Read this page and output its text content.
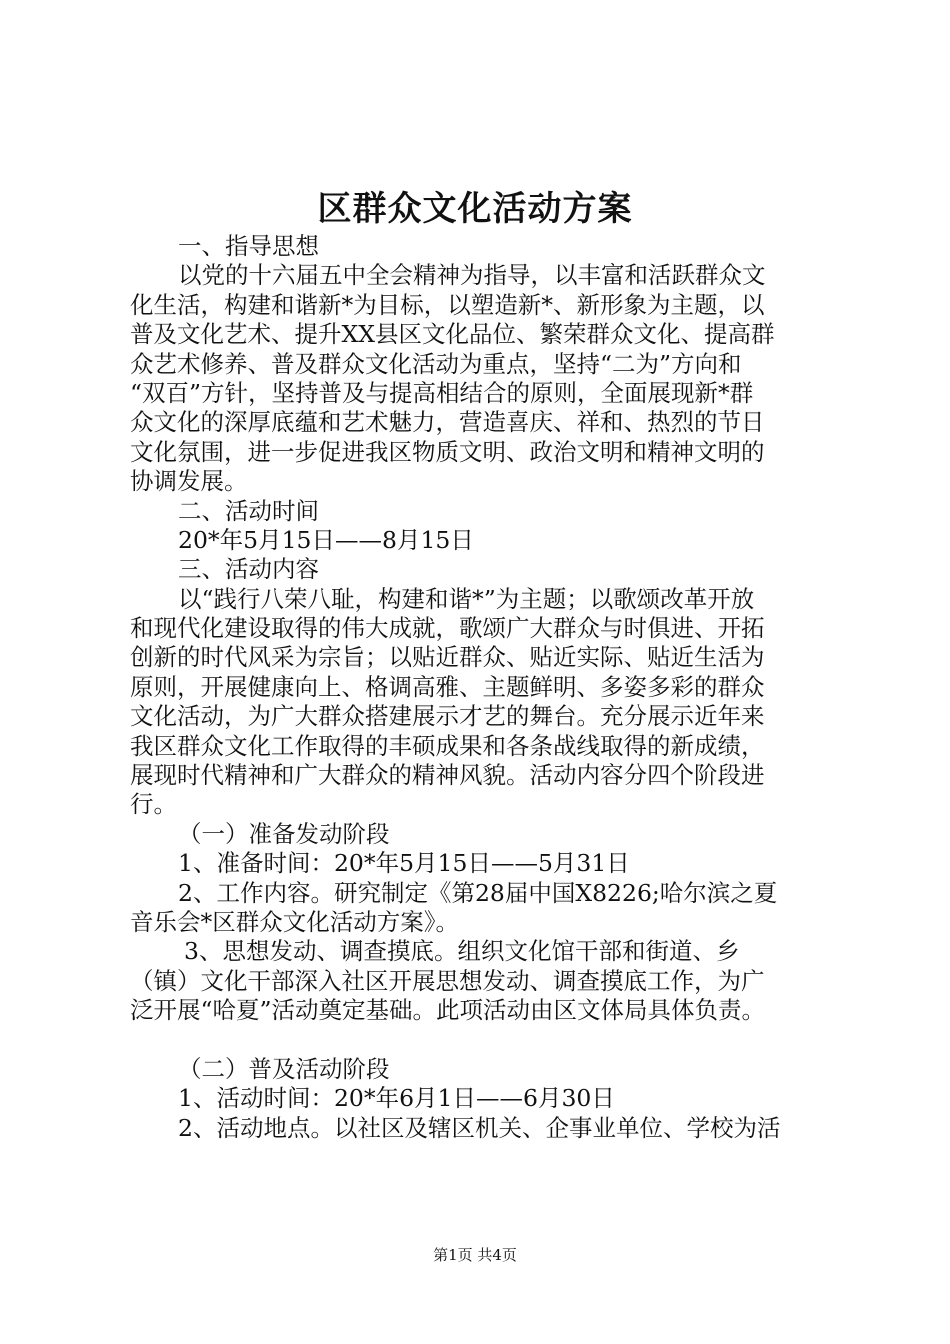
区群众文化活动方案
一、指导思想
以党的十六届五中全会精神为指导，以丰富和活跃群众文
化生活，构建和谐新*为目标，以塑造新*、新形象为主题，以
普及文化艺术、提升XX县区文化品位、繁荣群众文化、提高群
众艺术修养、普及群众文化活动为重点，坚持“二为”方向和
“双百”方针，坚持普及与提高相结合的原则，全面展现新*群
众文化的深厚底蕴和艺术魅力，营造喜庆、祥和、热烈的节日
文化氛围，进一步促进我区物质文明、政治文明和精神文明的
协调发展。
二、活动时间
20*年5月15日——8月15日
三、活动内容
以“践行八荣八耻，构建和谐*”为主题；以歌颂改革开放
和现代化建设取得的伟大成就，歌颂广大群众与时俱进、开拓
创新的时代风采为宗旨；以贴近群众、贴近实际、贴近生活为
原则，开展健康向上、格调高雅、主题鲜明、多姿多彩的群众
文化活动，为广大群众搭建展示才艺的舞台。充分展示近年来
我区群众文化工作取得的丰硕成果和各条战线取得的新成绩，
展现时代精神和广大群众的精神风貌。活动内容分四个阶段进
行。
（一）准备发动阶段
1、准备时间：20*年5月15日——5月31日
2、工作内容。研究制定《第28届中国X8226;哈尔滨之夏
音乐会*区群众文化活动方案》。
3、思想发动、调查摸底。组织文化馆干部和街道、乡
（镇）文化干部深入社区开展思想发动、调查摸底工作，为广
泛开展“哈夏”活动奠定基础。此项活动由区文体局具体负责。
（二）普及活动阶段
1、活动时间：20*年6月1日——6月30日
2、活动地点。以社区及辖区机关、企事业单位、学校为活
第1页 共4页
